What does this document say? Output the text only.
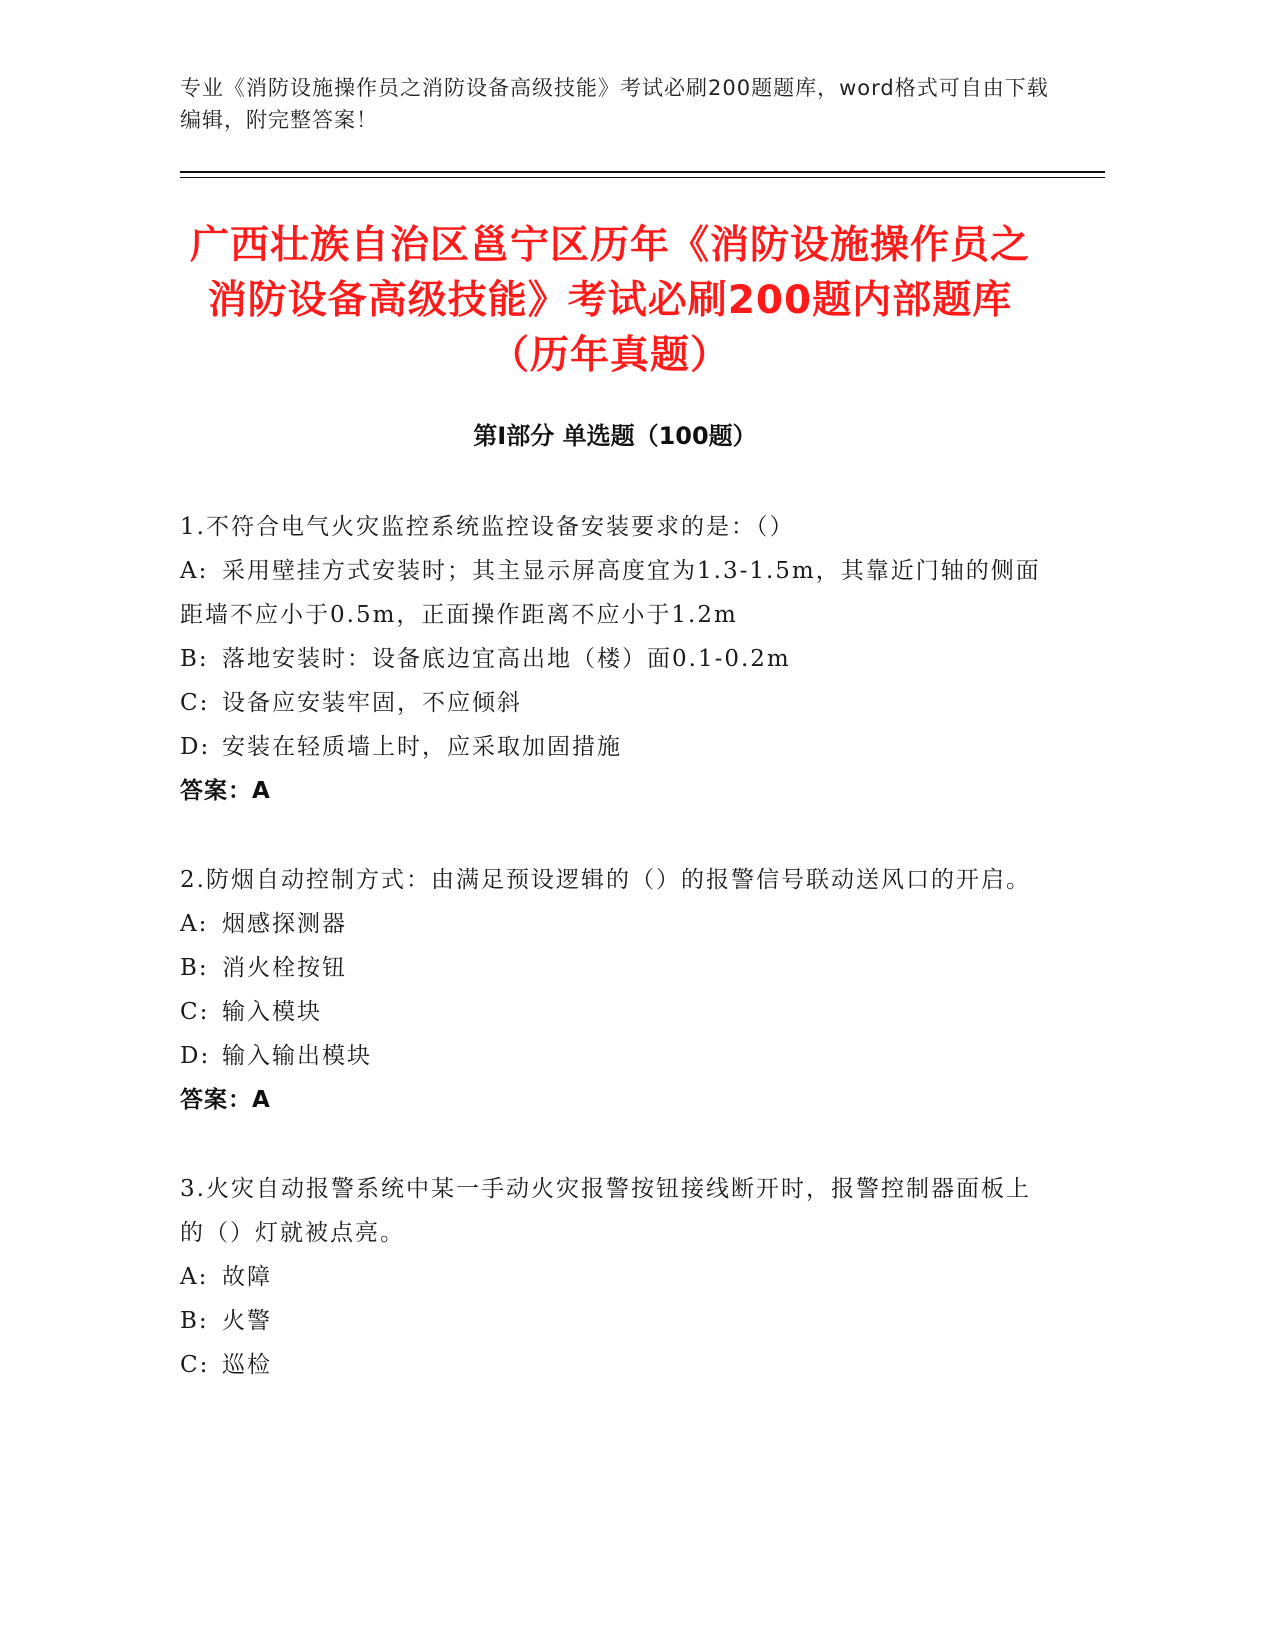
专业《消防设施操作员之消防设备高级技能》考试必刷200题题库，word格式可自由下载编辑，附完整答案！
广西壮族自治区邕宁区历年《消防设施操作员之消防设备高级技能》考试必刷200题内部题库（历年真题）
第Ⅰ部分 单选题（100题）
1.不符合电气火灾监控系统监控设备安装要求的是：（）
A: 采用壁挂方式安装时；其主显示屏高度宜为1.3-1.5m，其靠近门轴的侧面距墙不应小于0.5m，正面操作距离不应小于1.2m
B: 落地安装时：设备底边宜高出地（楼）面0.1-0.2m
C: 设备应安装牢固，不应倾斜
D: 安装在轻质墙上时，应采取加固措施
答案：A
2.防烟自动控制方式：由满足预设逻辑的（）的报警信号联动送风口的开启。
A: 烟感探测器
B: 消火栓按钮
C: 输入模块
D: 输入输出模块
答案：A
3.火灾自动报警系统中某一手动火灾报警按钮接线断开时，报警控制器面板上的（）灯就被点亮。
A: 故障
B: 火警
C: 巡检
